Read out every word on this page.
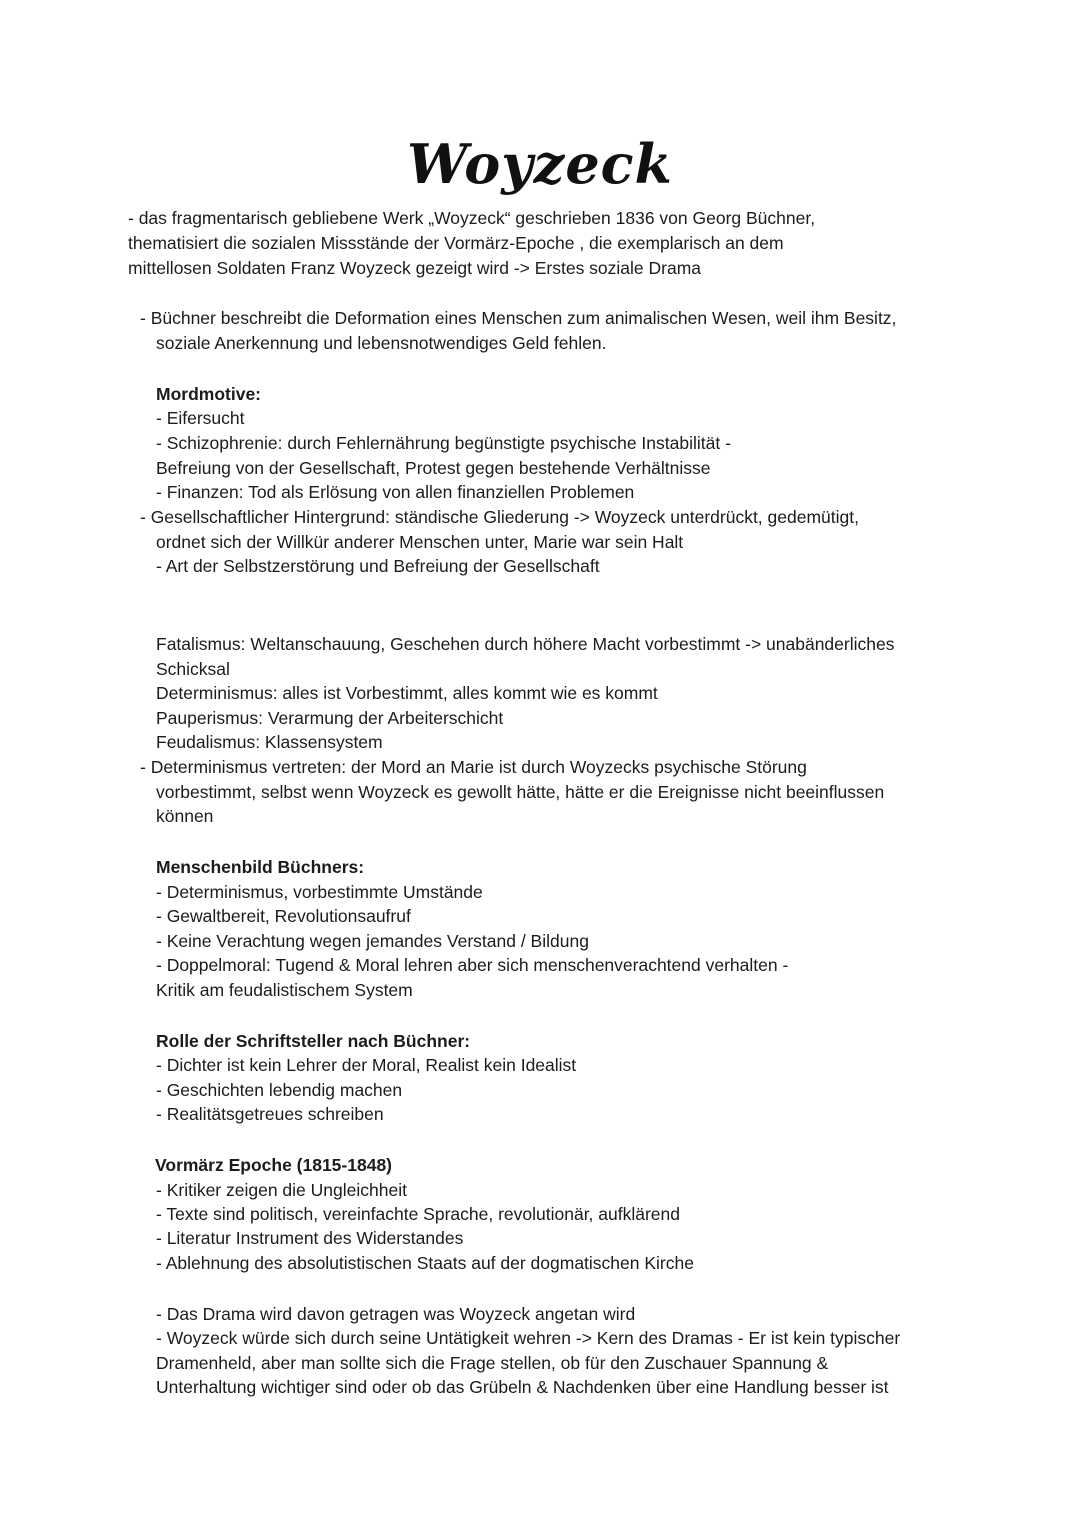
Woyzeck
- das fragmentarisch gebliebene Werk „Woyzeck“ geschrieben 1836 von Georg Büchner,
thematisiert die sozialen Missstände der Vormärz-Epoche , die exemplarisch an dem
mittellosen Soldaten Franz Woyzeck gezeigt wird -> Erstes soziale Drama
- Büchner beschreibt die Deformation eines Menschen zum animalischen Wesen, weil ihm Besitz,
soziale Anerkennung und lebensnotwendiges Geld fehlen.
Mordmotive:
- Eifersucht
- Schizophrenie: durch Fehlernährung begünstigte psychische Instabilität -
Befreiung von der Gesellschaft, Protest gegen bestehende Verhältnisse
- Finanzen: Tod als Erlösung von allen finanziellen Problemen
- Gesellschaftlicher Hintergrund: ständische Gliederung -> Woyzeck unterdrückt, gedemütigt,
ordnet sich der Willkür anderer Menschen unter, Marie war sein Halt
- Art der Selbstzerstörung und Befreiung der Gesellschaft
Fatalismus: Weltanschauung, Geschehen durch höhere Macht vorbestimmt -> unabänderliches
Schicksal
Determinismus: alles ist Vorbestimmt, alles kommt wie es kommt
Pauperismus: Verarmung der Arbeiterschicht
Feudalismus: Klassensystem
- Determinismus vertreten: der Mord an Marie ist durch Woyzecks psychische Störung
vorbestimmt, selbst wenn Woyzeck es gewollt hätte, hätte er die Ereignisse nicht beeinflussen
können
Menschenbild Büchners:
- Determinismus, vorbestimmte Umstände
- Gewaltbereit, Revolutionsaufruf
- Keine Verachtung wegen jemandes Verstand / Bildung
- Doppelmoral: Tugend & Moral lehren aber sich menschenverachtend verhalten -
Kritik am feudalistischem System
Rolle der Schriftsteller nach Büchner:
- Dichter ist kein Lehrer der Moral, Realist kein Idealist
- Geschichten lebendig machen
- Realitätsgetreues schreiben
Vormärz Epoche (1815-1848)
- Kritiker zeigen die Ungleichheit
- Texte sind politisch, vereinfachte Sprache, revolutionär, aufklärend
- Literatur Instrument des Widerstandes
- Ablehnung des absolutistischen Staats auf der dogmatischen Kirche
- Das Drama wird davon getragen was Woyzeck angetan wird
- Woyzeck würde sich durch seine Untätigkeit wehren -> Kern des Dramas - Er ist kein typischer
Dramenheld, aber man sollte sich die Frage stellen, ob für den Zuschauer Spannung &
Unterhaltung wichtiger sind oder ob das Grübeln & Nachdenken über eine Handlung besser ist
